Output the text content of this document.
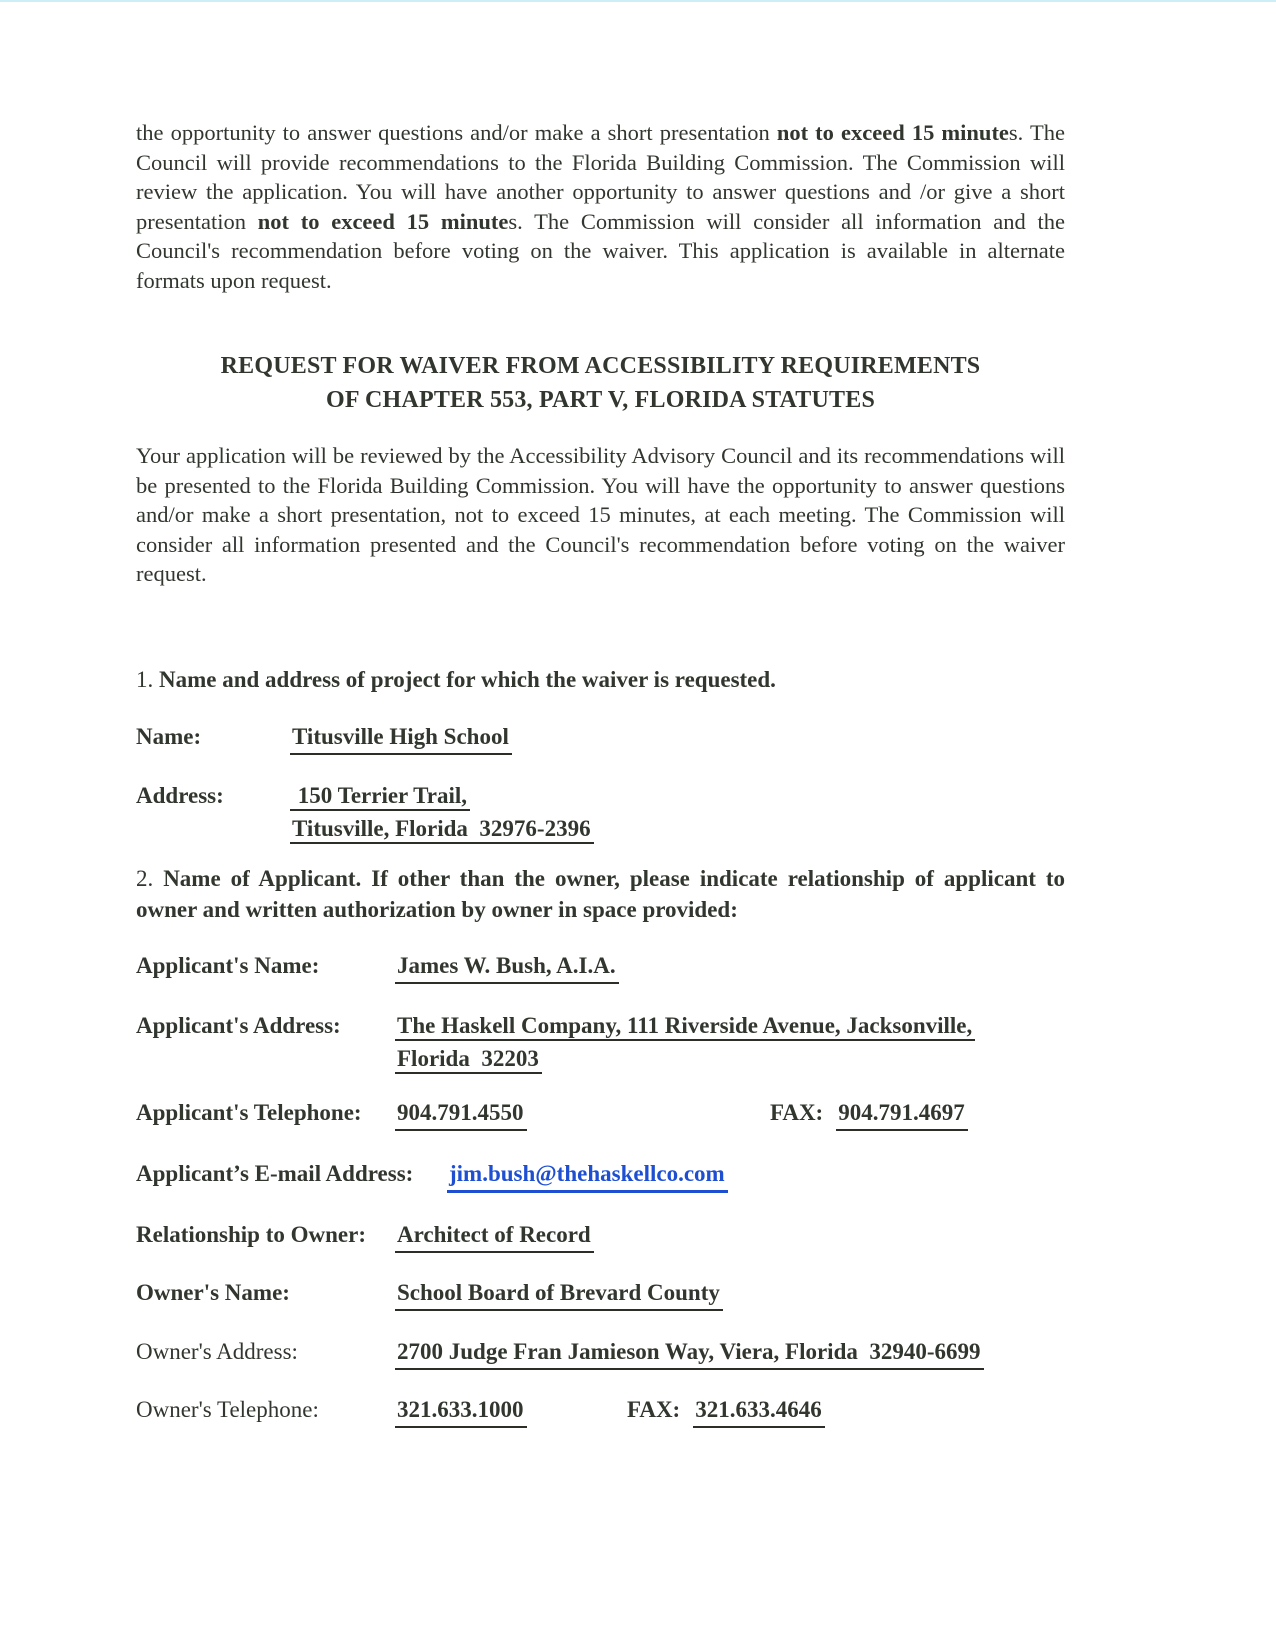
the opportunity to answer questions and/or make a short presentation not to exceed 15 minutes. The Council will provide recommendations to the Florida Building Commission. The Commission will review the application. You will have another opportunity to answer questions and /or give a short presentation not to exceed 15 minutes. The Commission will consider all information and the Council's recommendation before voting on the waiver. This application is available in alternate formats upon request.

REQUEST FOR WAIVER FROM ACCESSIBILITY REQUIREMENTS
OF CHAPTER 553, PART V, FLORIDA STATUTES

Your application will be reviewed by the Accessibility Advisory Council and its recommendations will be presented to the Florida Building Commission. You will have the opportunity to answer questions and/or make a short presentation, not to exceed 15 minutes, at each meeting. The Commission will consider all information presented and the Council's recommendation before voting on the waiver request.

1. Name and address of project for which the waiver is requested.
Name:	Titusville High School
Address:	150 Terrier Trail,
Titusville, Florida  32976-2396
2. Name of Applicant. If other than the owner, please indicate relationship of applicant to owner and written authorization by owner in space provided:
Applicant's Name:	James W. Bush, A.I.A.
Applicant's Address:	The Haskell Company, 111 Riverside Avenue, Jacksonville,
Florida  32203
Applicant's Telephone:	904.791.4550	FAX: 904.791.4697
Applicant’s E-mail Address:	jim.bush@thehaskellco.com
Relationship to Owner:	Architect of Record
Owner's Name:	School Board of Brevard County
Owner's Address:	2700 Judge Fran Jamieson Way, Viera, Florida  32940-6699
Owner's Telephone:	321.633.1000	FAX: 321.633.4646
